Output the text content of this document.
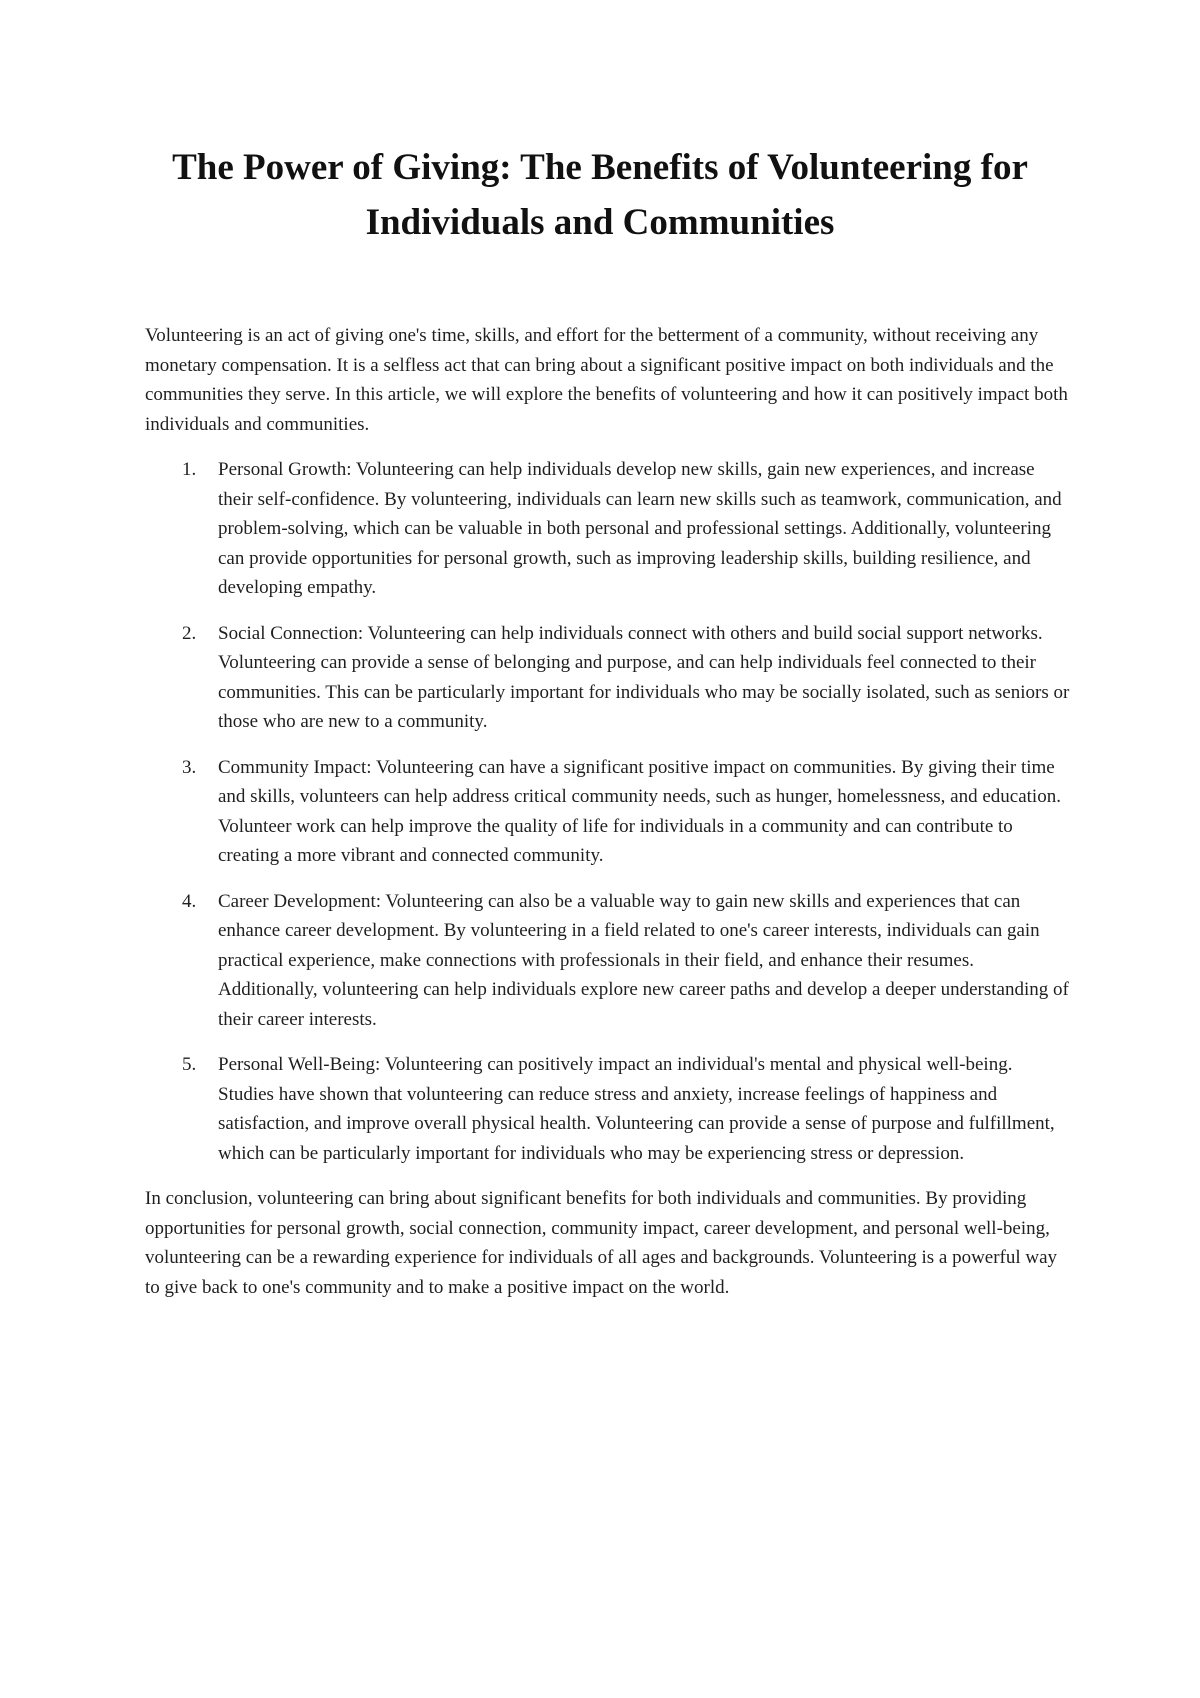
The Power of Giving: The Benefits of Volunteering for Individuals and Communities

Volunteering is an act of giving one's time, skills, and effort for the betterment of a community, without receiving any monetary compensation. It is a selfless act that can bring about a significant positive impact on both individuals and the communities they serve. In this article, we will explore the benefits of volunteering and how it can positively impact both individuals and communities.

1.	Personal Growth: Volunteering can help individuals develop new skills, gain new experiences, and increase their self-confidence. By volunteering, individuals can learn new skills such as teamwork, communication, and problem-solving, which can be valuable in both personal and professional settings. Additionally, volunteering can provide opportunities for personal growth, such as improving leadership skills, building resilience, and developing empathy.
2.	Social Connection: Volunteering can help individuals connect with others and build social support networks. Volunteering can provide a sense of belonging and purpose, and can help individuals feel connected to their communities. This can be particularly important for individuals who may be socially isolated, such as seniors or those who are new to a community.
3.	Community Impact: Volunteering can have a significant positive impact on communities. By giving their time and skills, volunteers can help address critical community needs, such as hunger, homelessness, and education. Volunteer work can help improve the quality of life for individuals in a community and can contribute to creating a more vibrant and connected community.
4.	Career Development: Volunteering can also be a valuable way to gain new skills and experiences that can enhance career development. By volunteering in a field related to one's career interests, individuals can gain practical experience, make connections with professionals in their field, and enhance their resumes. Additionally, volunteering can help individuals explore new career paths and develop a deeper understanding of their career interests.
5.	Personal Well-Being: Volunteering can positively impact an individual's mental and physical well-being. Studies have shown that volunteering can reduce stress and anxiety, increase feelings of happiness and satisfaction, and improve overall physical health. Volunteering can provide a sense of purpose and fulfillment, which can be particularly important for individuals who may be experiencing stress or depression.

In conclusion, volunteering can bring about significant benefits for both individuals and communities. By providing opportunities for personal growth, social connection, community impact, career development, and personal well-being, volunteering can be a rewarding experience for individuals of all ages and backgrounds. Volunteering is a powerful way to give back to one's community and to make a positive impact on the world.
